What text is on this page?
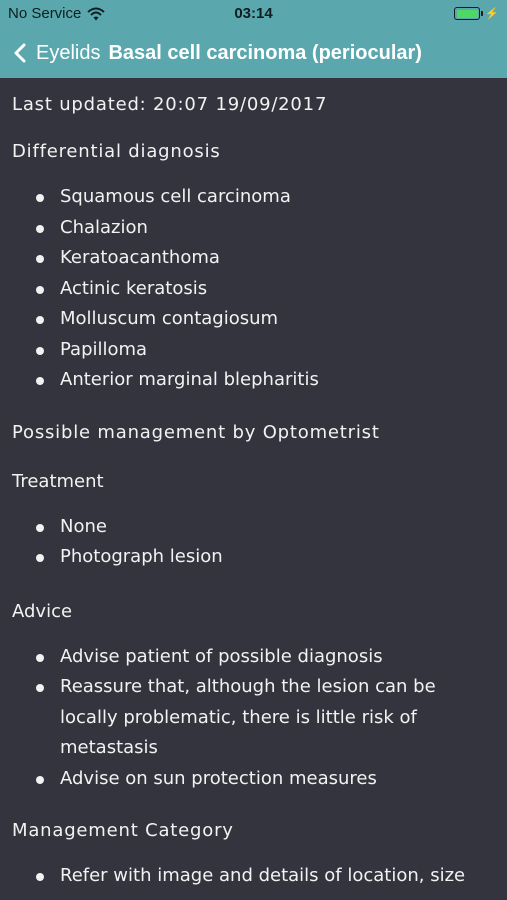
No Service	03:14	⚡
Eyelids Basal cell carcinoma (periocular)
Last updated: 20:07 19/09/2017
Differential diagnosis
Squamous cell carcinoma
Chalazion
Keratoacanthoma
Actinic keratosis
Molluscum contagiosum
Papilloma
Anterior marginal blepharitis
Possible management by Optometrist
Treatment
None
Photograph lesion
Advice
Advise patient of possible diagnosis
Reassure that, although the lesion can be locally problematic, there is little risk of metastasis
Advise on sun protection measures
Management Category
Refer with image and details of location, size
